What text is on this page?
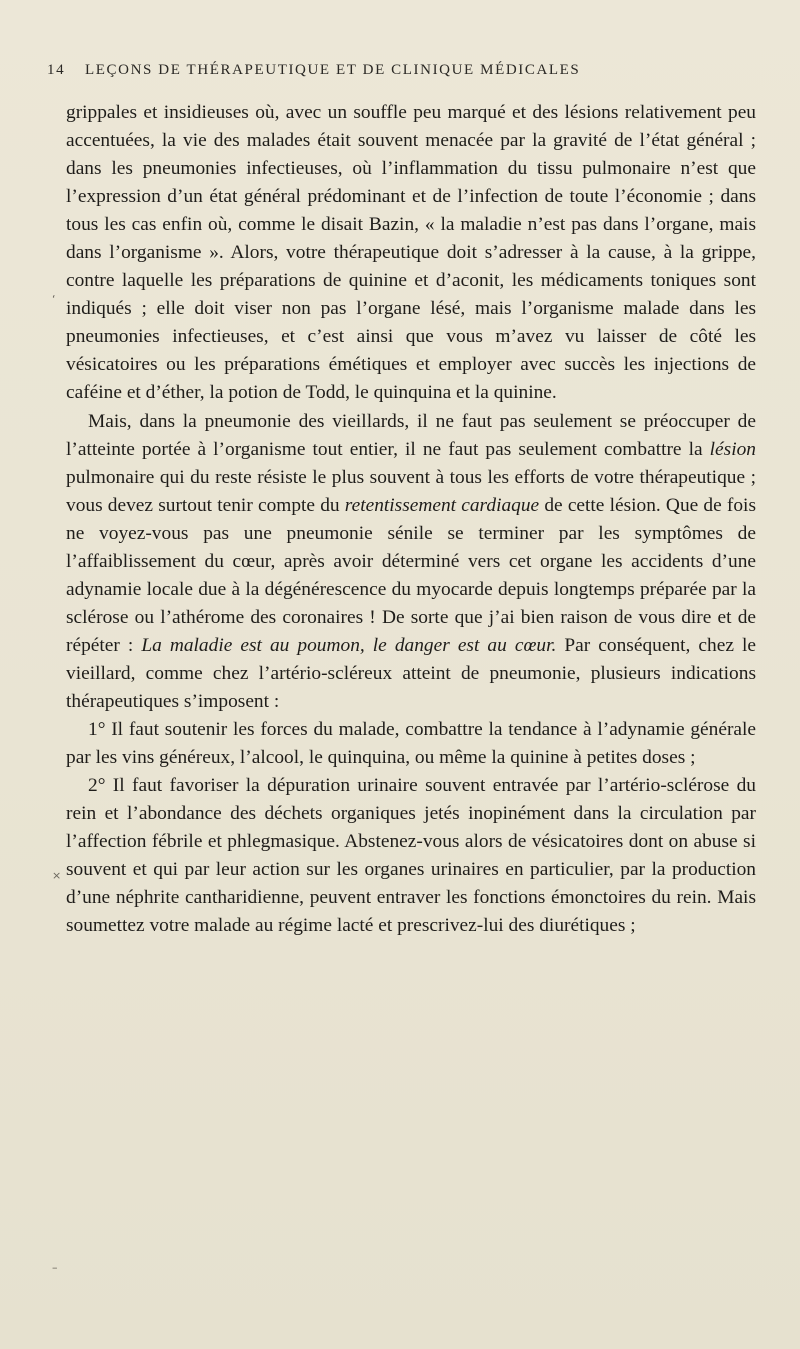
14 LEÇONS DE THÉRAPEUTIQUE ET DE CLINIQUE MÉDICALES
‘
×
–

grippales et insidieuses où, avec un souffle peu marqué et des lésions relativement peu accentuées, la vie des malades était souvent menacée par la gravité de l’état général ; dans les pneumonies infectieuses, où l’inflammation du tissu pulmonaire n’est que l’expression d’un état général prédominant et de l’infection de toute l’économie ; dans tous les cas enfin où, comme le disait Bazin, « la maladie n’est pas dans l’organe, mais dans l’organisme ». Alors, votre thérapeutique doit s’adresser à la cause, à la grippe, contre laquelle les préparations de quinine et d’aconit, les médicaments toniques sont indiqués ; elle doit viser non pas l’organe lésé, mais l’organisme malade dans les pneumonies infectieuses, et c’est ainsi que vous m’avez vu laisser de côté les vésicatoires ou les préparations émétiques et employer avec succès les injections de caféine et d’éther, la potion de Todd, le quinquina et la quinine.

Mais, dans la pneumonie des vieillards, il ne faut pas seulement se préoccuper de l’atteinte portée à l’organisme tout entier, il ne faut pas seulement combattre la lésion pulmonaire qui du reste résiste le plus souvent à tous les efforts de votre thérapeutique ; vous devez surtout tenir compte du retentissement cardiaque de cette lésion. Que de fois ne voyez-vous pas une pneumonie sénile se terminer par les symptômes de l’affaiblissement du cœur, après avoir déterminé vers cet organe les accidents d’une adynamie locale due à la dégénérescence du myocarde depuis longtemps préparée par la sclérose ou l’athérome des coronaires ! De sorte que j’ai bien raison de vous dire et de répéter : La maladie est au poumon, le danger est au cœur. Par conséquent, chez le vieillard, comme chez l’artério-scléreux atteint de pneumonie, plusieurs indications thérapeutiques s’imposent :

1° Il faut soutenir les forces du malade, combattre la tendance à l’adynamie générale par les vins généreux, l’alcool, le quinquina, ou même la quinine à petites doses ;

2° Il faut favoriser la dépuration urinaire souvent entravée par l’artério-sclérose du rein et l’abondance des déchets organiques jetés inopinément dans la circulation par l’affection fébrile et phlegmasique. Abstenez-vous alors de vésicatoires dont on abuse si souvent et qui par leur action sur les organes urinaires en particulier, par la production d’une néphrite cantharidienne, peuvent entraver les fonctions émonctoires du rein. Mais soumettez votre malade au régime lacté et prescrivez-lui des diurétiques ;
